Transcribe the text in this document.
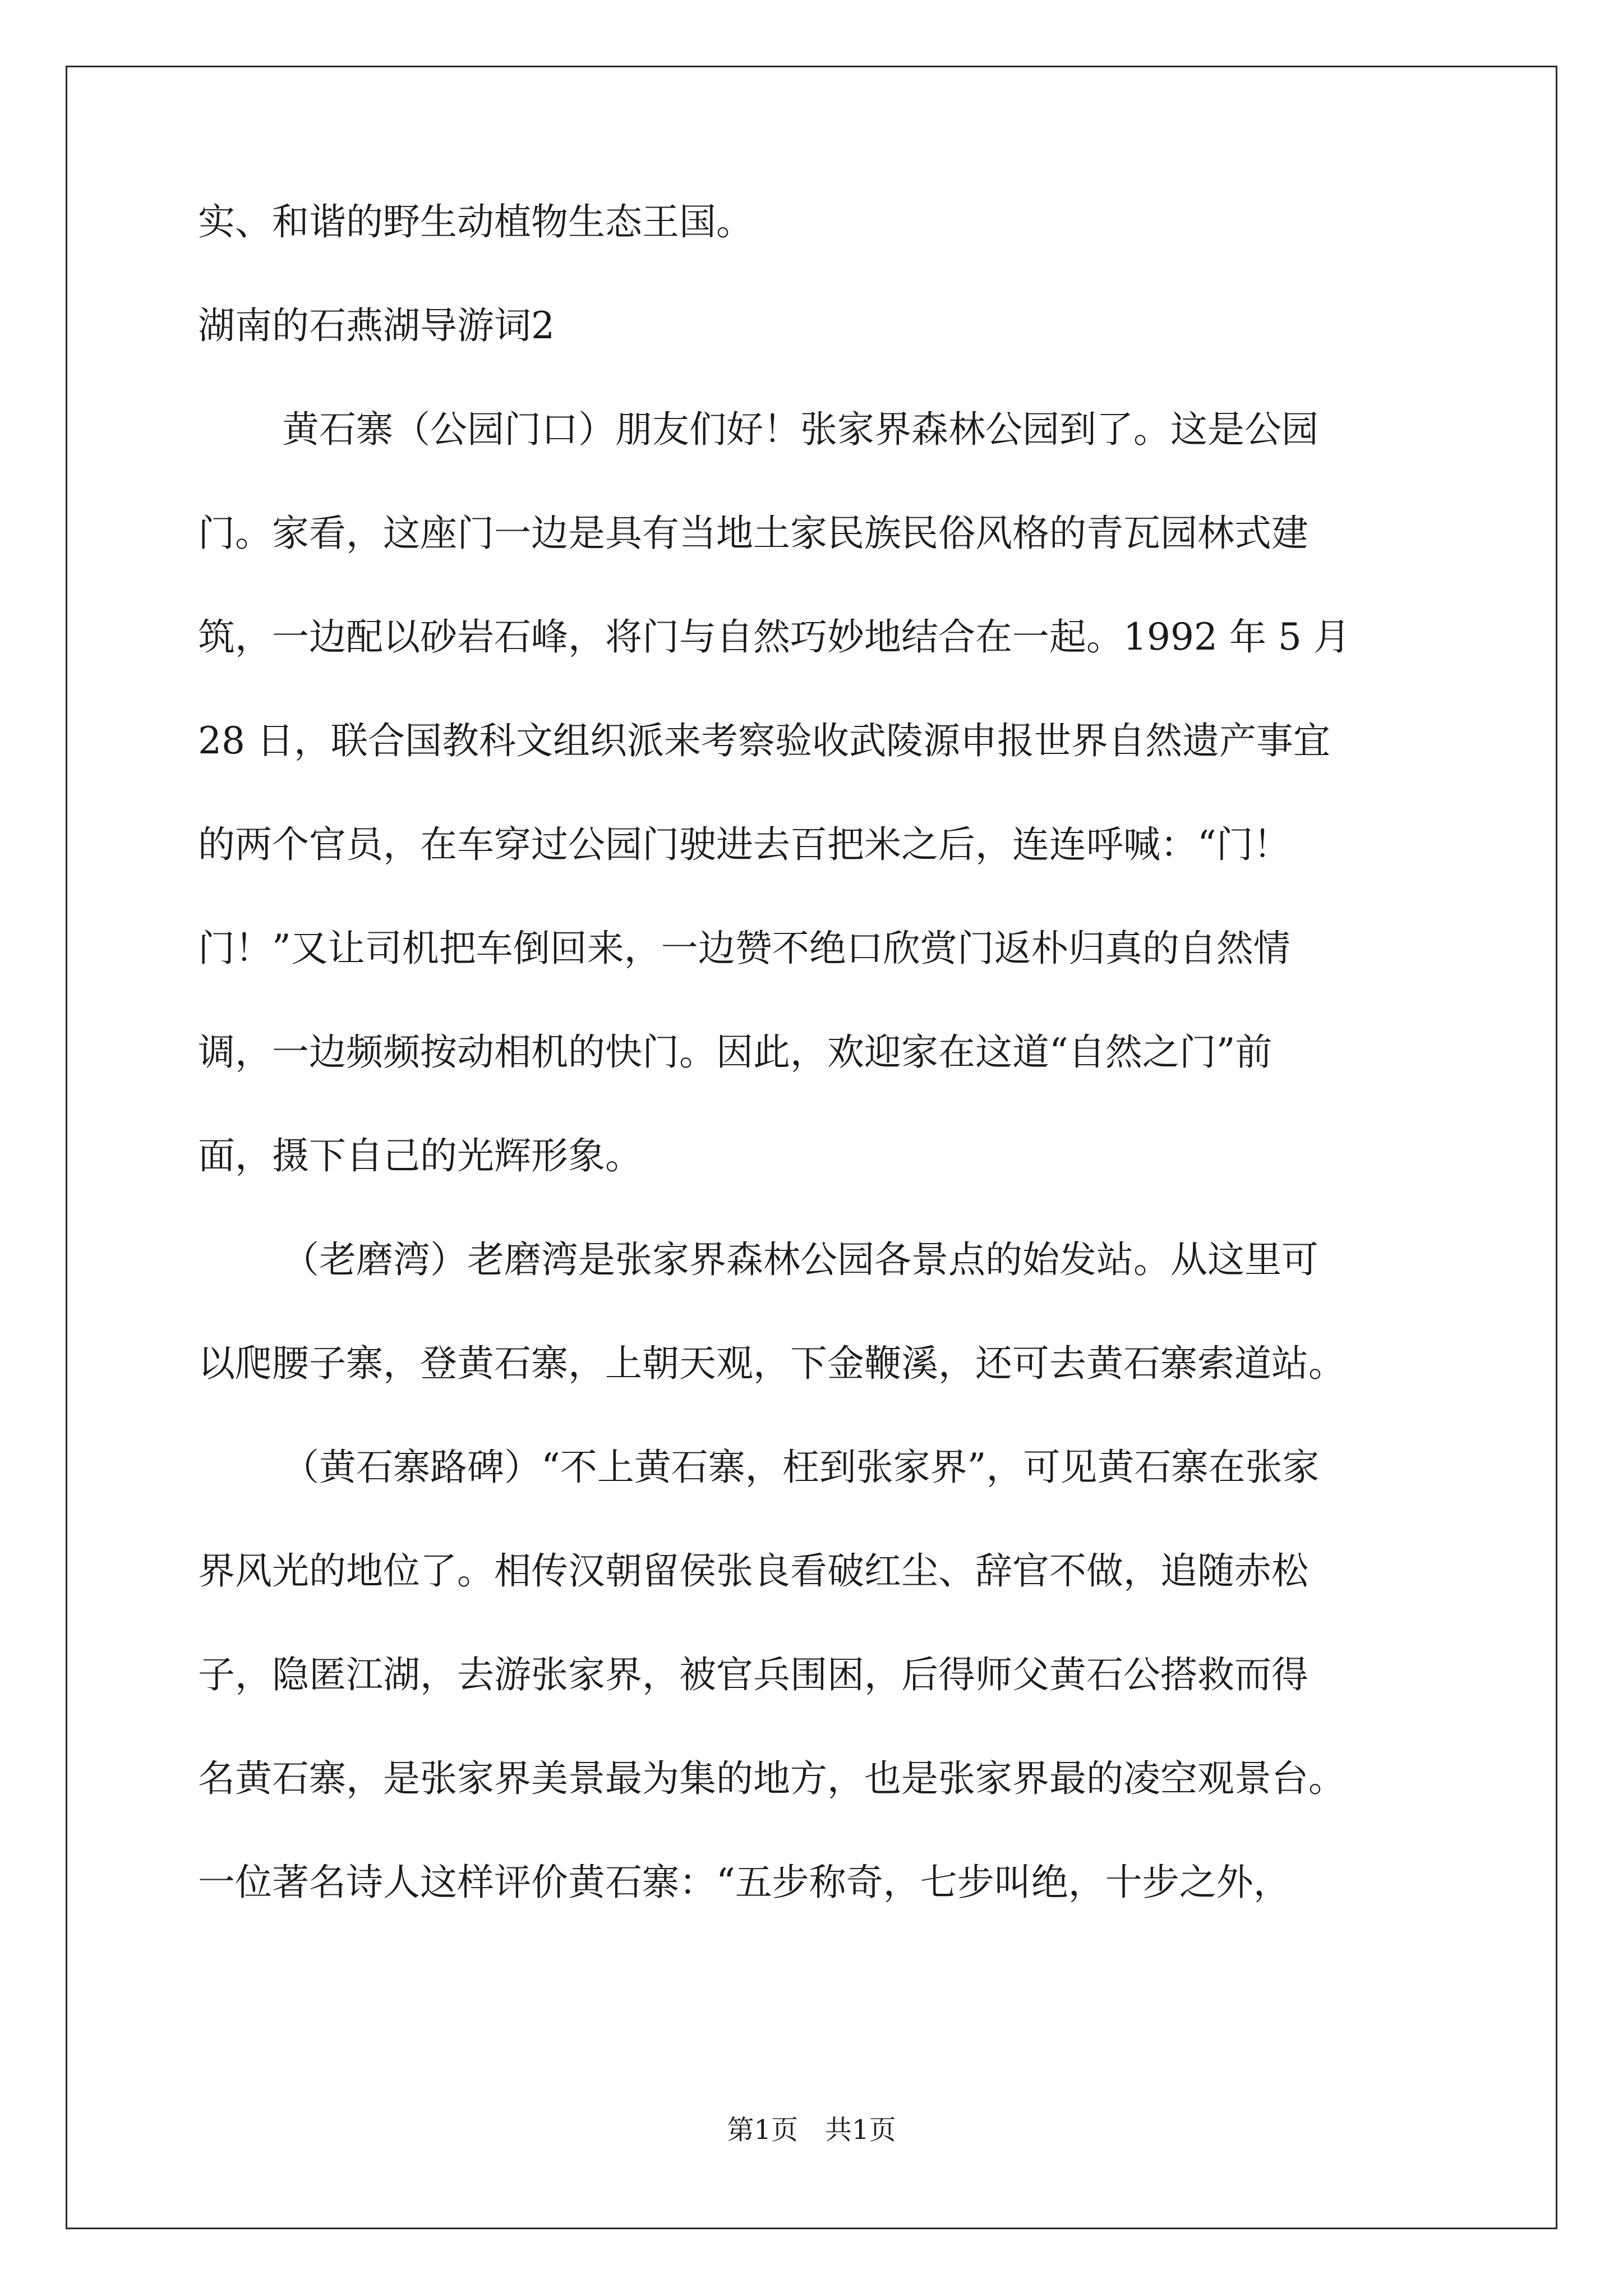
实、和谐的野生动植物生态王国。

湖南的石燕湖导游词2

黄石寨（公园门口）朋友们好！张家界森林公园到了。这是公园

门。家看，这座门一边是具有当地土家民族民俗风格的青瓦园林式建

筑，一边配以砂岩石峰，将门与自然巧妙地结合在一起。1992 年 5 月

28 日，联合国教科文组织派来考察验收武陵源申报世界自然遗产事宜

的两个官员，在车穿过公园门驶进去百把米之后，连连呼喊：“门！

门！”又让司机把车倒回来，一边赞不绝口欣赏门返朴归真的自然情

调，一边频频按动相机的快门。因此，欢迎家在这道“自然之门”前

面，摄下自己的光辉形象。

（老磨湾）老磨湾是张家界森林公园各景点的始发站。从这里可

以爬腰子寨，登黄石寨，上朝天观，下金鞭溪，还可去黄石寨索道站。

（黄石寨路碑）“不上黄石寨，枉到张家界”，可见黄石寨在张家

界风光的地位了。相传汉朝留侯张良看破红尘、辞官不做，追随赤松

子，隐匿江湖，去游张家界，被官兵围困，后得师父黄石公搭救而得

名黄石寨，是张家界美景最为集的地方，也是张家界最的凌空观景台。

一位著名诗人这样评价黄石寨：“五步称奇，七步叫绝，十步之外，

第1页　共1页
